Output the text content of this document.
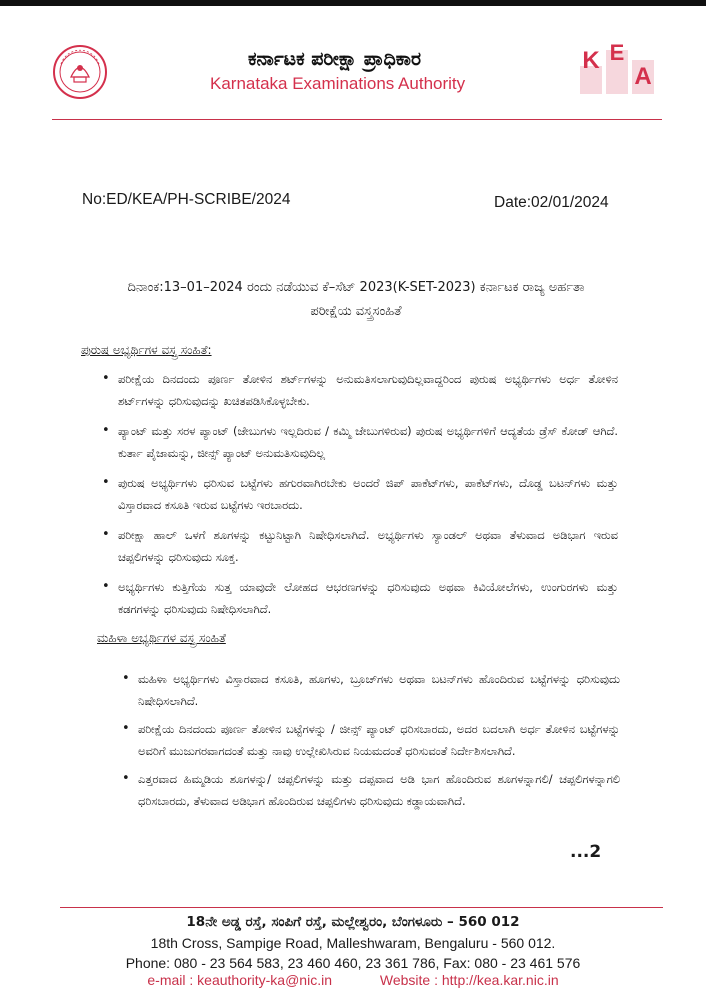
ಕರ್ನಾಟಕ ಪರೀಕ್ಷಾ ಪ್ರಾಧಿಕಾರ
Karnataka Examinations Authority
K E
A
No:ED/KEA/PH-SCRIBE/2024	Date:02/01/2024
ದಿನಾಂಕ:13–01–2024 ರಂದು ನಡೆಯುವ ಕೆ–ಸೆಟ್ 2023(K-SET-2023) ಕರ್ನಾಟಕ ರಾಜ್ಯ ಅರ್ಹತಾ
ಪರೀಕ್ಷೆಯ ವಸ್ತ್ರಸಂಹಿತೆ
ಪುರುಷ ಅಭ್ಯರ್ಥಿಗಳ ವಸ್ತ್ರ ಸಂಹಿತೆ:
• ಪರೀಕ್ಷೆಯ ದಿನದಂದು ಪೂರ್ಣ ತೋಳಿನ ಶರ್ಟ್‌ಗಳನ್ನು ಅನುಮತಿಸಲಾಗುವುದಿಲ್ಲವಾದ್ದರಿಂದ ಪುರುಷ ಅಭ್ಯರ್ಥಿಗಳು ಅರ್ಧ ತೋಳಿನ ಶರ್ಟ್‌ಗಳನ್ನು ಧರಿಸುವುದನ್ನು ಖಚಿತಪಡಿಸಿಕೊಳ್ಳಬೇಕು.
• ಪ್ಯಾಂಟ್ ಮತ್ತು ಸರಳ ಪ್ಯಾಂಟ್ (ಜೇಬುಗಳು ಇಲ್ಲದಿರುವ / ಕಮ್ಮಿ ಜೇಬುಗಳಿರುವ) ಪುರುಷ ಅಭ್ಯರ್ಥಿಗಳಿಗೆ ಆದ್ಯತೆಯ ಡ್ರೆಸ್ ಕೋಡ್ ಆಗಿದೆ. ಕುರ್ತಾ ಪೈಜಾಮನ್ನು, ಜೀನ್ಸ್ ಪ್ಯಾಂಟ್ ಅನುಮತಿಸುವುದಿಲ್ಲ
• ಪುರುಷ ಅಭ್ಯರ್ಥಿಗಳು ಧರಿಸುವ ಬಟ್ಟೆಗಳು ಹಗುರವಾಗಿರಬೇಕು ಅಂದರೆ ಜಿಪ್ ಪಾಕೆಟ್‌ಗಳು, ಪಾಕೆಟ್‌ಗಳು, ದೊಡ್ಡ ಬಟನ್‌ಗಳು ಮತ್ತು ವಿಸ್ತಾರವಾದ ಕಸೂತಿ ಇರುವ ಬಟ್ಟೆಗಳು ಇರಬಾರದು.
• ಪರೀಕ್ಷಾ ಹಾಲ್ ಒಳಗೆ ಶೂಗಳನ್ನು ಕಟ್ಟುನಿಟ್ಟಾಗಿ ನಿಷೇಧಿಸಲಾಗಿದೆ. ಅಭ್ಯರ್ಥಿಗಳು ಸ್ಯಾಂಡಲ್ ಅಥವಾ ತೆಳುವಾದ ಅಡಿಭಾಗ ಇರುವ ಚಪ್ಪಲಿಗಳನ್ನು ಧರಿಸುವುದು ಸೂಕ್ತ.
• ಅಭ್ಯರ್ಥಿಗಳು ಕುತ್ತಿಗೆಯ ಸುತ್ತ ಯಾವುದೇ ಲೋಹದ ಆಭರಣಗಳನ್ನು ಧರಿಸುವುದು ಅಥವಾ ಕಿವಿಯೋಲೆಗಳು, ಉಂಗುರಗಳು ಮತ್ತು ಕಡಗಗಳನ್ನು ಧರಿಸುವುದು ನಿಷೇಧಿಸಲಾಗಿದೆ.
ಮಹಿಳಾ ಅಭ್ಯರ್ಥಿಗಳ ವಸ್ತ್ರ ಸಂಹಿತೆ
• ಮಹಿಳಾ ಅಭ್ಯರ್ಥಿಗಳು ವಿಸ್ತಾರವಾದ ಕಸೂತಿ, ಹೂಗಳು, ಬ್ರೂಚ್‌ಗಳು ಅಥವಾ ಬಟನ್‌ಗಳು ಹೊಂದಿರುವ ಬಟ್ಟೆಗಳನ್ನು ಧರಿಸುವುದು ನಿಷೇಧಿಸಲಾಗಿದೆ.
• ಪರೀಕ್ಷೆಯ ದಿನದಂದು ಪೂರ್ಣ ತೋಳಿನ ಬಟ್ಟೆಗಳನ್ನು / ಜೀನ್ಸ್ ಪ್ಯಾಂಟ್ ಧರಿಸಬಾರದು, ಅದರ ಬದಲಾಗಿ ಅರ್ಧ ತೋಳಿನ ಬಟ್ಟೆಗಳನ್ನು ಅವರಿಗೆ ಮುಜುಗರವಾಗದಂತೆ ಮತ್ತು ನಾವು ಉಲ್ಲೇಖಿಸಿರುವ ನಿಯಮದಂತೆ ಧರಿಸುವಂತೆ ನಿರ್ದೇಶಿಸಲಾಗಿದೆ.
• ಎತ್ತರವಾದ ಹಿಮ್ಮಡಿಯ ಶೂಗಳನ್ನು/ ಚಪ್ಪಲಿಗಳನ್ನು ಮತ್ತು ದಪ್ಪವಾದ ಅಡಿ ಭಾಗ ಹೊಂದಿರುವ ಶೂಗಳನ್ನಾಗಲಿ/ ಚಪ್ಪಲಿಗಳನ್ನಾಗಲಿ ಧರಿಸಬಾರದು, ತೆಳುವಾದ ಅಡಿಭಾಗ ಹೊಂದಿರುವ ಚಪ್ಪಲಿಗಳು ಧರಿಸುವುದು ಕಡ್ಡಾಯವಾಗಿದೆ.
...2
18ನೇ ಅಡ್ಡ ರಸ್ತೆ, ಸಂಪಿಗೆ ರಸ್ತೆ, ಮಲ್ಲೇಶ್ವರಂ, ಬೆಂಗಳೂರು – 560 012
18th Cross, Sampige Road, Malleshwaram, Bengaluru - 560 012.
Phone: 080 - 23 564 583, 23 460 460, 23 361 786, Fax: 080 - 23 461 576
e-mail : keauthority-ka@nic.in	Website : http://kea.kar.nic.in
